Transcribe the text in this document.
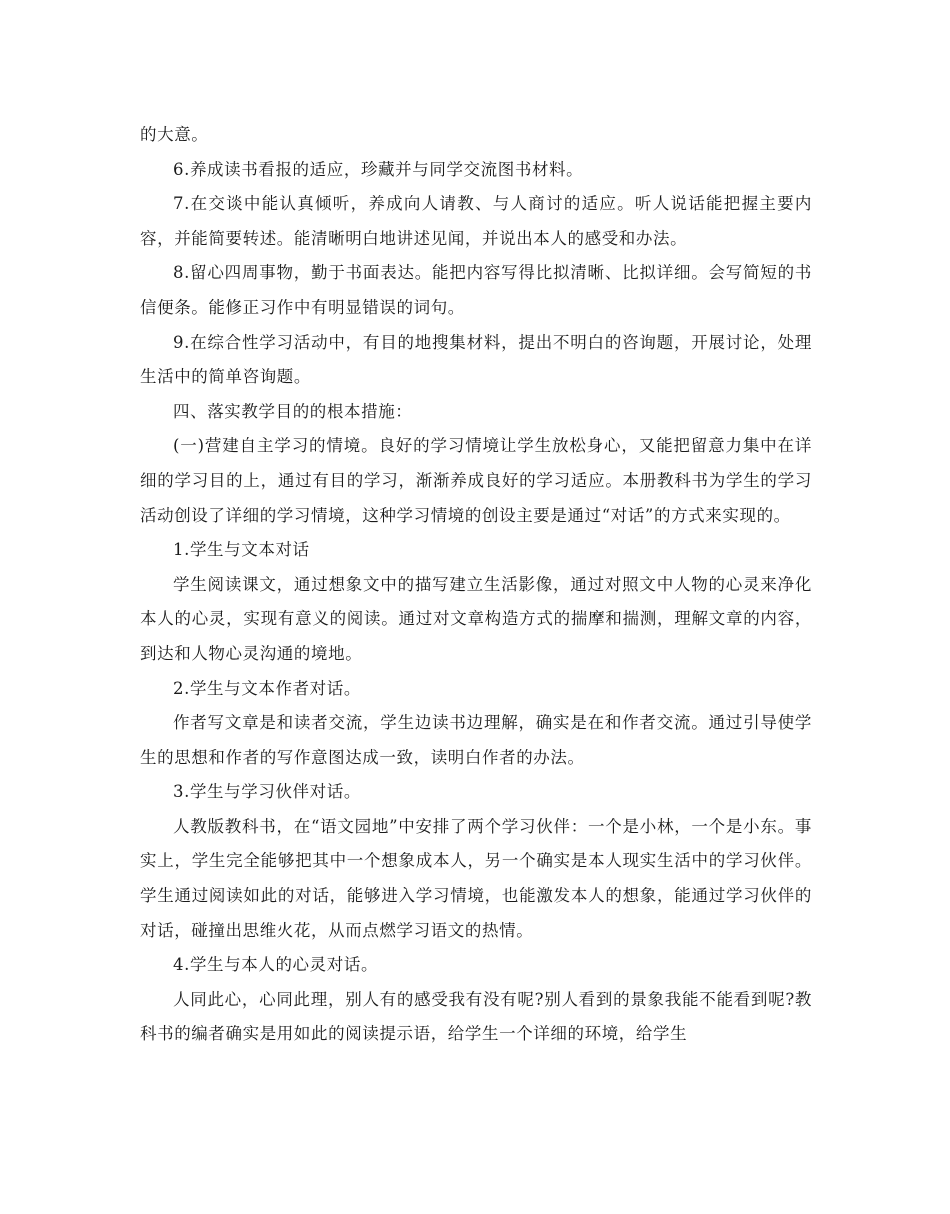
的大意。

6.养成读书看报的适应，珍藏并与同学交流图书材料。

7.在交谈中能认真倾听，养成向人请教、与人商讨的适应。听人说话能把握主要内容，并能简要转述。能清晰明白地讲述见闻，并说出本人的感受和办法。

8.留心四周事物，勤于书面表达。能把内容写得比拟清晰、比拟详细。会写简短的书信便条。能修正习作中有明显错误的词句。

9.在综合性学习活动中，有目的地搜集材料，提出不明白的咨询题，开展讨论，处理生活中的简单咨询题。

四、落实教学目的的根本措施：

(一)营建自主学习的情境。良好的学习情境让学生放松身心，又能把留意力集中在详细的学习目的上，通过有目的学习，渐渐养成良好的学习适应。本册教科书为学生的学习活动创设了详细的学习情境，这种学习情境的创设主要是通过“对话”的方式来实现的。

1.学生与文本对话

学生阅读课文，通过想象文中的描写建立生活影像，通过对照文中人物的心灵来净化本人的心灵，实现有意义的阅读。通过对文章构造方式的揣摩和揣测，理解文章的内容，到达和人物心灵沟通的境地。

2.学生与文本作者对话。

作者写文章是和读者交流，学生边读书边理解，确实是在和作者交流。通过引导使学生的思想和作者的写作意图达成一致，读明白作者的办法。

3.学生与学习伙伴对话。

人教版教科书，在“语文园地”中安排了两个学习伙伴：一个是小林，一个是小东。事实上，学生完全能够把其中一个想象成本人，另一个确实是本人现实生活中的学习伙伴。学生通过阅读如此的对话，能够进入学习情境，也能激发本人的想象，能通过学习伙伴的对话，碰撞出思维火花，从而点燃学习语文的热情。

4.学生与本人的心灵对话。

人同此心，心同此理，别人有的感受我有没有呢?别人看到的景象我能不能看到呢?教科书的编者确实是用如此的阅读提示语，给学生一个详细的环境，给学生
